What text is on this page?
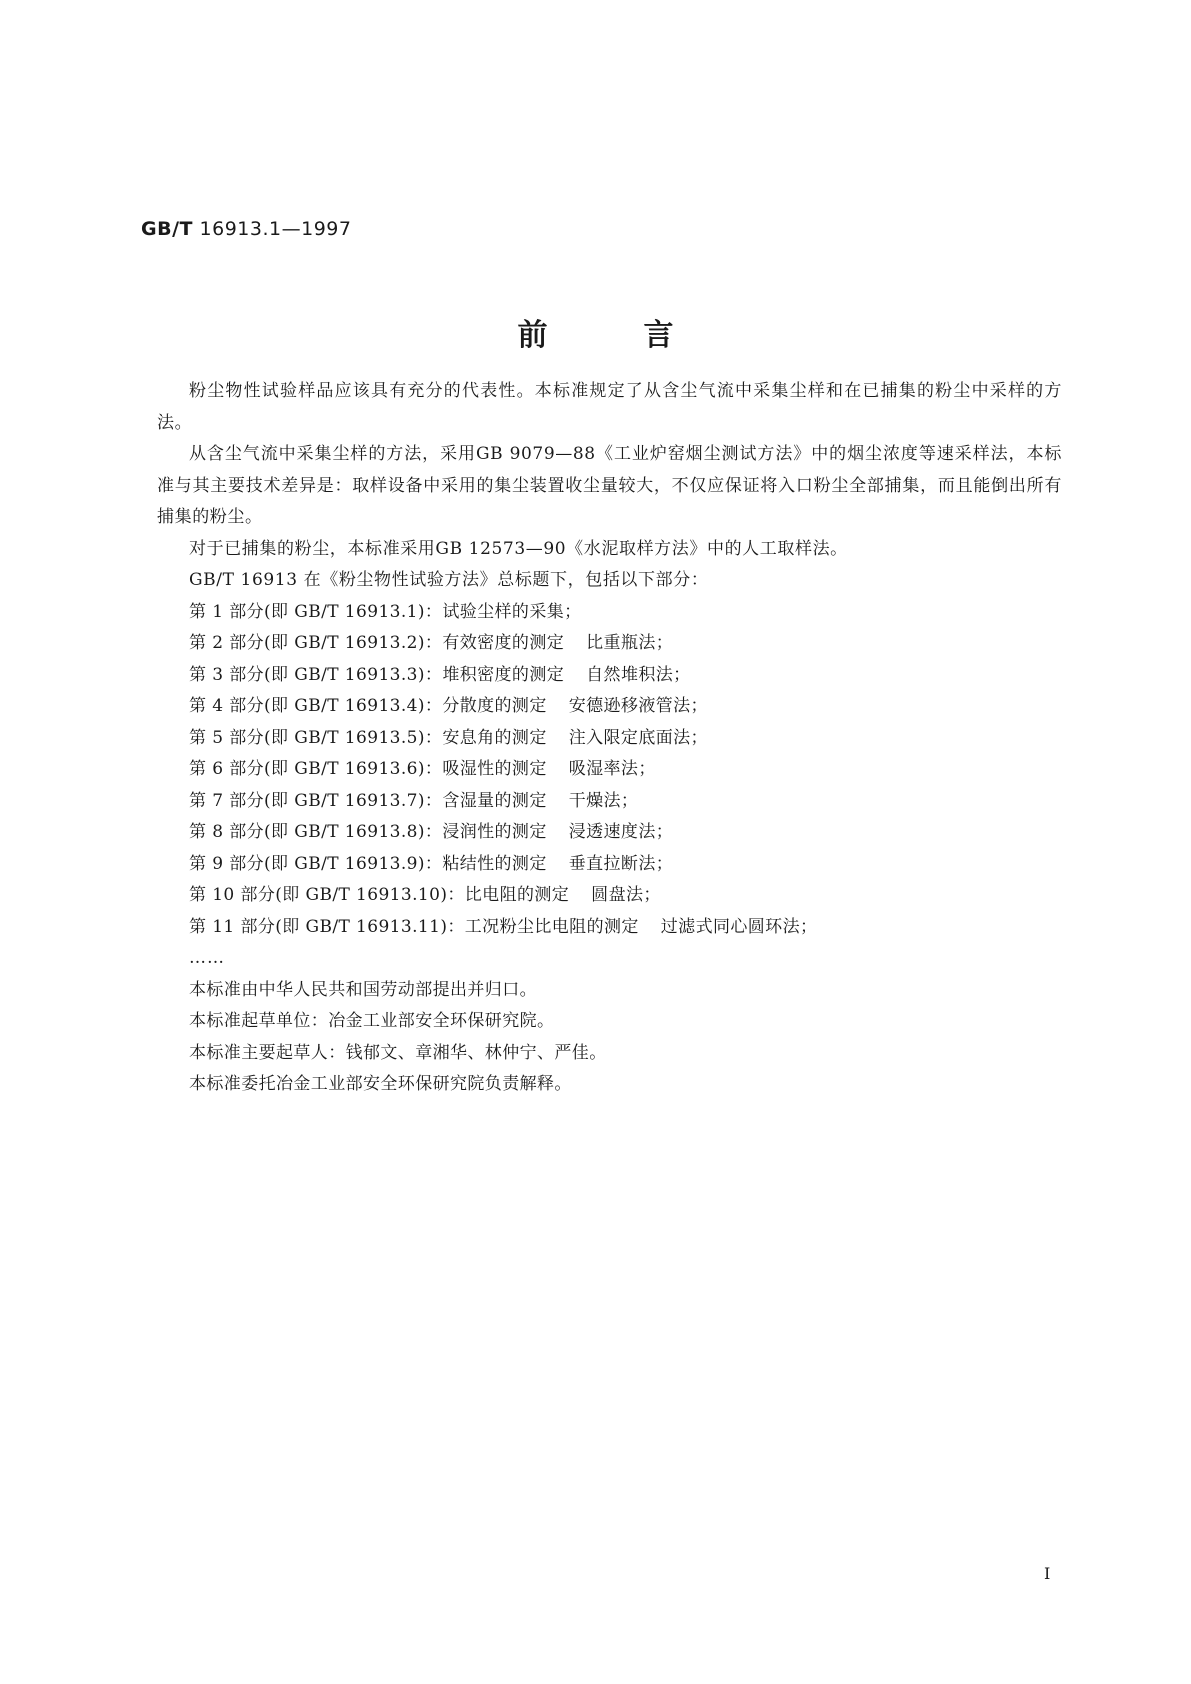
GB/T 16913.1—1997
前	言

粉尘物性试验样品应该具有充分的代表性。本标准规定了从含尘气流中采集尘样和在已捕集的粉尘中采样的方法。

从含尘气流中采集尘样的方法，采用GB 9079—88《工业炉窑烟尘测试方法》中的烟尘浓度等速采样法，本标准与其主要技术差异是：取样设备中采用的集尘装置收尘量较大，不仅应保证将入口粉尘全部捕集，而且能倒出所有捕集的粉尘。

对于已捕集的粉尘，本标准采用GB 12573—90《水泥取样方法》中的人工取样法。

GB/T 16913 在《粉尘物性试验方法》总标题下，包括以下部分：

第 1 部分(即 GB/T 16913.1)：试验尘样的采集；
第 2 部分(即 GB/T 16913.2)：有效密度的测定 比重瓶法；
第 3 部分(即 GB/T 16913.3)：堆积密度的测定 自然堆积法；
第 4 部分(即 GB/T 16913.4)：分散度的测定 安德逊移液管法；
第 5 部分(即 GB/T 16913.5)：安息角的测定 注入限定底面法；
第 6 部分(即 GB/T 16913.6)：吸湿性的测定 吸湿率法；
第 7 部分(即 GB/T 16913.7)：含湿量的测定 干燥法；
第 8 部分(即 GB/T 16913.8)：浸润性的测定 浸透速度法；
第 9 部分(即 GB/T 16913.9)：粘结性的测定 垂直拉断法；
第 10 部分(即 GB/T 16913.10)：比电阻的测定 圆盘法；
第 11 部分(即 GB/T 16913.11)：工况粉尘比电阻的测定 过滤式同心圆环法；
……
本标准由中华人民共和国劳动部提出并归口。
本标准起草单位：冶金工业部安全环保研究院。
本标准主要起草人：钱郁文、章湘华、林仲宁、严佳。
本标准委托冶金工业部安全环保研究院负责解释。
I
